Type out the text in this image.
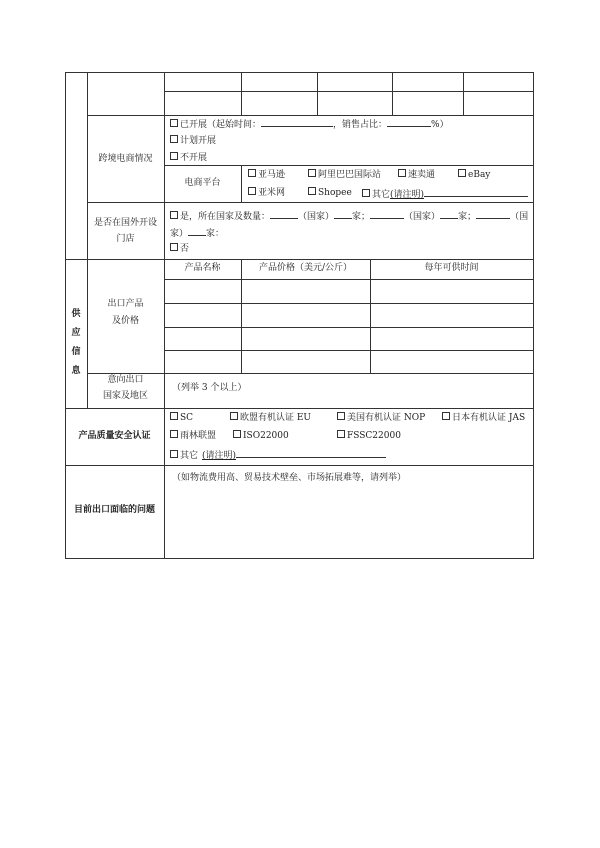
跨境电商情况
已开展（起始时间：	，销售占比：	%）
计划开展
不开展
电商平台
亚马逊	阿里巴巴国际站	速卖通	eBay
亚米网	Shopee	其它(请注明)
是否在国外开设
门店
是，所在国家及数量：	（国家） 家；	（国家） 家；	（国
家） 家：
否
供
应
信
息
出口产品
及价格
产品名称	产品价格（美元/公斤）	每年可供时间
意向出口
国家及地区
（列举 3 个以上）
产品质量安全认证
SC	欧盟有机认证 EU	美国有机认证 NOP	日本有机认证 JAS
雨林联盟	ISO22000	FSSC22000
其它 (请注明)
目前出口面临的问题
（如物流费用高、贸易技术壁垒、市场拓展难等，请列举）
